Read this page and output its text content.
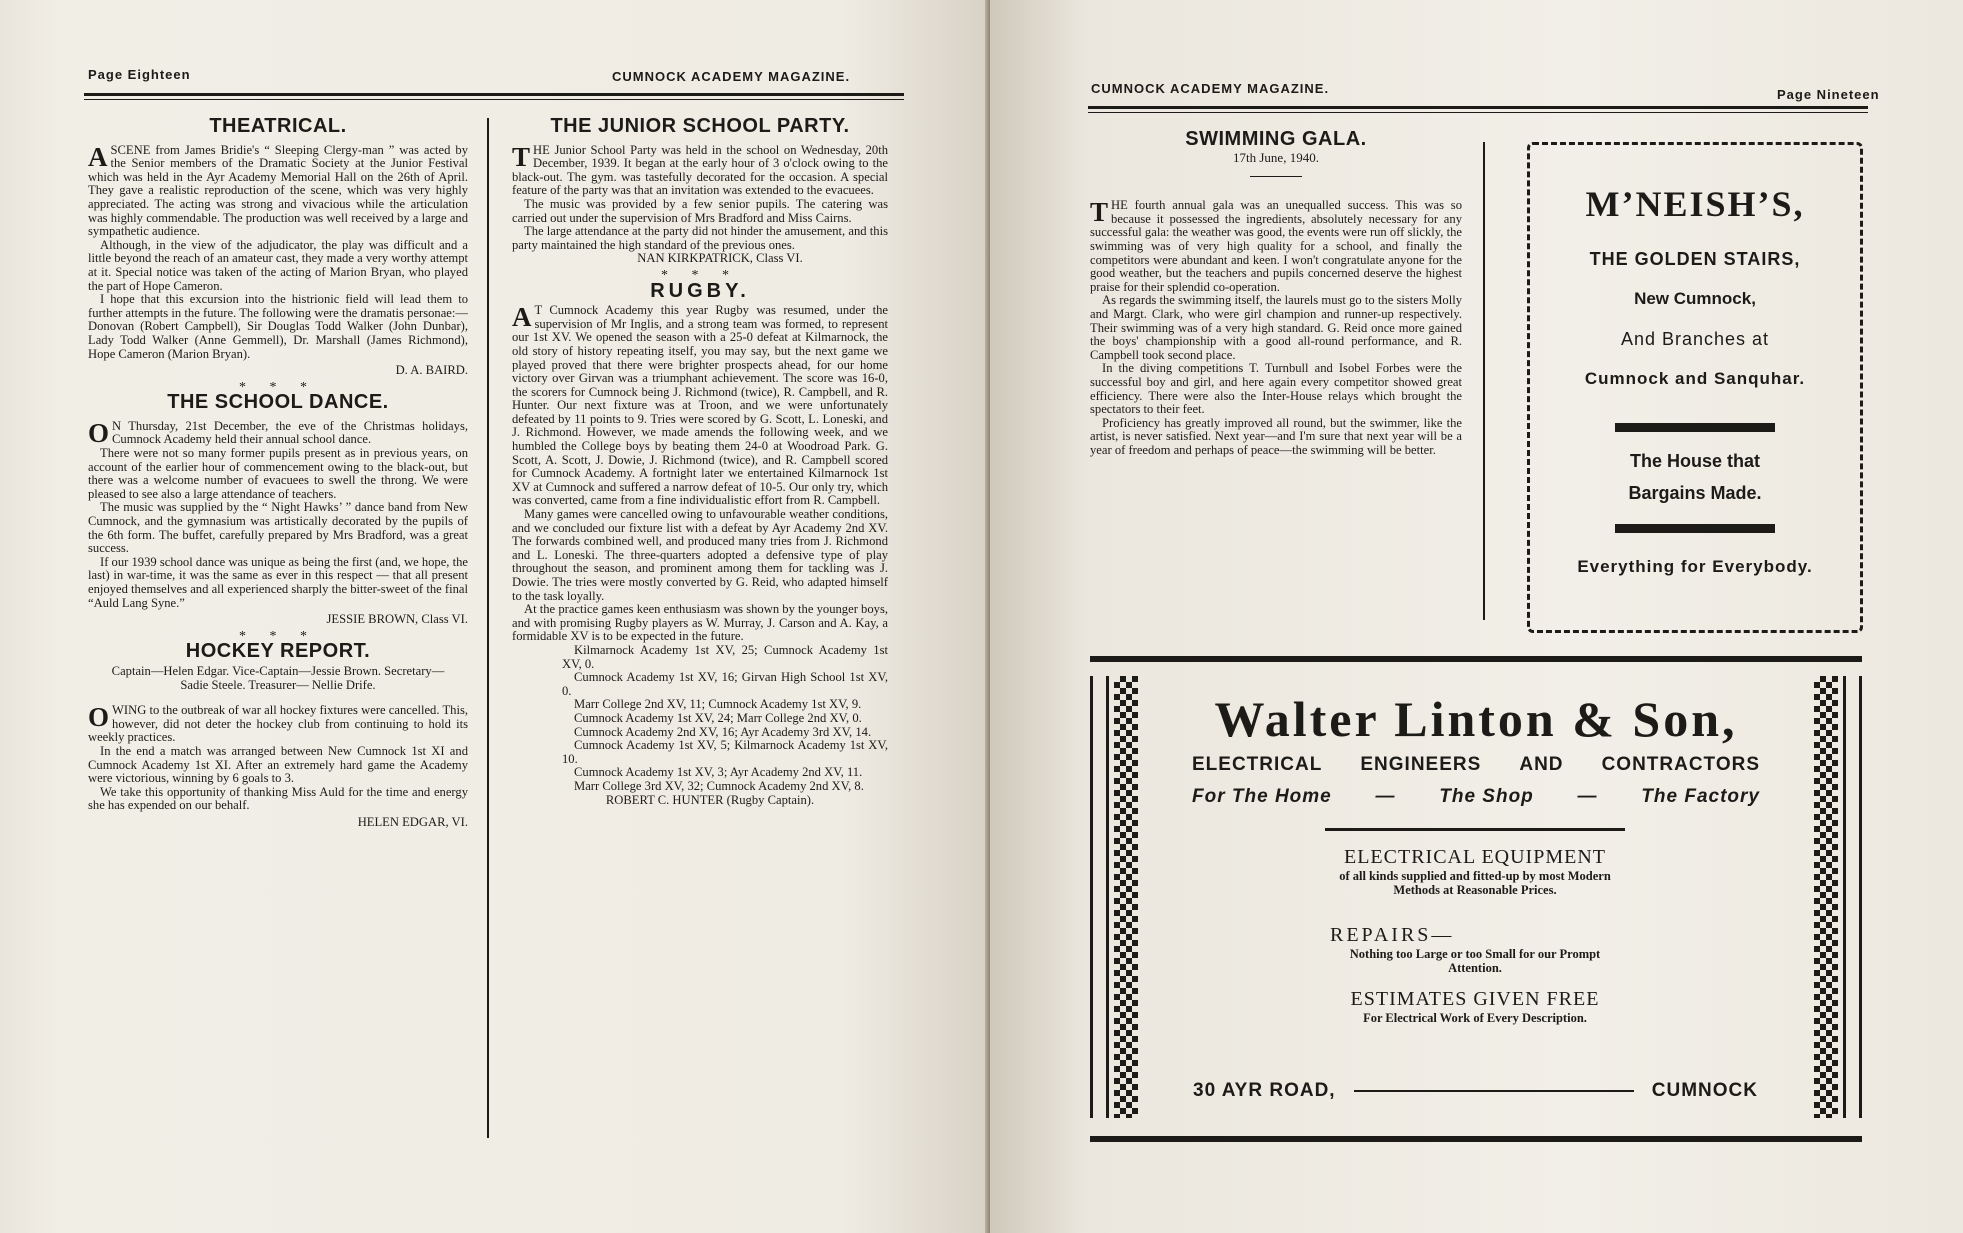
Page Eighteen	CUMNOCK ACADEMY MAGAZINE.
THEATRICAL.

ASCENE from James Bridie's “ Sleeping Clergy-man ” was acted by the Senior members of the Dramatic Society at the Junior Festival which was held in the Ayr Academy Memorial Hall on the 26th of April. They gave a realistic reproduction of the scene, which was very highly appreciated. The acting was strong and vivacious while the articulation was highly commendable. The production was well received by a large and sympathetic audience.

Although, in the view of the adjudicator, the play was difficult and a little beyond the reach of an amateur cast, they made a very worthy attempt at it. Special notice was taken of the acting of Marion Bryan, who played the part of Hope Cameron.

I hope that this excursion into the histrionic field will lead them to further attempts in the future. The following were the dramatis personae:— Donovan (Robert Campbell), Sir Douglas Todd Walker (John Dunbar), Lady Todd Walker (Anne Gemmell), Dr. Marshall (James Richmond), Hope Cameron (Marion Bryan).

D. A. BAIRD.
* * *
THE SCHOOL DANCE.

O N Thursday, 21st December, the eve of the Christmas holidays, Cumnock Academy held their annual school dance.

There were not so many former pupils present as in previous years, on account of the earlier hour of commencement owing to the black-out, but there was a welcome number of evacuees to swell the throng. We were pleased to see also a large attendance of teachers.

The music was supplied by the “ Night Hawks’ ” dance band from New Cumnock, and the gymnasium was artistically decorated by the pupils of the 6th form. The buffet, carefully prepared by Mrs Bradford, was a great success.

If our 1939 school dance was unique as being the first (and, we hope, the last) in war-time, it was the same as ever in this respect — that all present enjoyed themselves and all experienced sharply the bitter-sweet of the final “Auld Lang Syne.”

JESSIE BROWN, Class VI.
* * *
HOCKEY REPORT.
Captain—Helen Edgar. Vice-Captain—Jessie Brown. Secretary—Sadie Steele. Treasurer— Nellie Drife.

OWING to the outbreak of war all hockey fixtures were cancelled. This, however, did not deter the hockey club from continuing to hold its weekly practices.

In the end a match was arranged between New Cumnock 1st XI and Cumnock Academy 1st XI. After an extremely hard game the Academy were victorious, winning by 6 goals to 3.

We take this opportunity of thanking Miss Auld for the time and energy she has expended on our behalf.

HELEN EDGAR, VI.
THE JUNIOR SCHOOL PARTY.

THE Junior School Party was held in the school on Wednesday, 20th December, 1939. It began at the early hour of 3 o'clock owing to the black-out. The gym. was tastefully decorated for the occasion. A special feature of the party was that an invitation was extended to the evacuees.

The music was provided by a few senior pupils. The catering was carried out under the supervision of Mrs Bradford and Miss Cairns.

The large attendance at the party did not hinder the amusement, and this party maintained the high standard of the previous ones.

NAN KIRKPATRICK, Class VI.
* * *
RUGBY.

A T Cumnock Academy this year Rugby was resumed, under the supervision of Mr Inglis, and a strong team was formed, to represent our 1st XV. We opened the season with a 25-0 defeat at Kilmarnock, the old story of history repeating itself, you may say, but the next game we played proved that there were brighter prospects ahead, for our home victory over Girvan was a triumphant achievement. The score was 16-0, the scorers for Cumnock being J. Richmond (twice), R. Campbell, and R. Hunter. Our next fixture was at Troon, and we were unfortunately defeated by 11 points to 9. Tries were scored by G. Scott, L. Loneski, and J. Richmond. However, we made amends the following week, and we humbled the College boys by beating them 24-0 at Woodroad Park. G. Scott, A. Scott, J. Dowie, J. Richmond (twice), and R. Campbell scored for Cumnock Academy. A fortnight later we entertained Kilmarnock 1st XV at Cumnock and suffered a narrow defeat of 10-5. Our only try, which was converted, came from a fine individualistic effort from R. Campbell.

Many games were cancelled owing to unfavourable weather conditions, and we concluded our fixture list with a defeat by Ayr Academy 2nd XV. The forwards combined well, and produced many tries from J. Richmond and L. Loneski. The three-quarters adopted a defensive type of play throughout the season, and prominent among them for tackling was J. Dowie. The tries were mostly converted by G. Reid, who adapted himself to the task loyally.

At the practice games keen enthusiasm was shown by the younger boys, and with promising Rugby players as W. Murray, J. Carson and A. Kay, a formidable XV is to be expected in the future.

Kilmarnock Academy 1st XV, 25; Cumnock Academy 1st XV, 0.

Cumnock Academy 1st XV, 16; Girvan High School 1st XV, 0.

Marr College 2nd XV, 11; Cumnock Academy 1st XV, 9.

Cumnock Academy 1st XV, 24; Marr College 2nd XV, 0.

Cumnock Academy 2nd XV, 16; Ayr Academy 3rd XV, 14.

Cumnock Academy 1st XV, 5; Kilmarnock Academy 1st XV, 10.

Cumnock Academy 1st XV, 3; Ayr Academy 2nd XV, 11.

Marr College 3rd XV, 32; Cumnock Academy 2nd XV, 8.

ROBERT C. HUNTER (Rugby Captain).
CUMNOCK ACADEMY MAGAZINE.	Page Nineteen
SWIMMING GALA.
17th June, 1940.

THE fourth annual gala was an unequalled success. This was so because it possessed the ingredients, absolutely necessary for any successful gala: the weather was good, the events were run off slickly, the swimming was of very high quality for a school, and finally the competitors were abundant and keen. I won't congratulate anyone for the good weather, but the teachers and pupils concerned deserve the highest praise for their splendid co-operation.

As regards the swimming itself, the laurels must go to the sisters Molly and Margt. Clark, who were girl champion and runner-up respectively. Their swimming was of a very high standard. G. Reid once more gained the boys' championship with a good all-round performance, and R. Campbell took second place.

In the diving competitions T. Turnbull and Isobel Forbes were the successful boy and girl, and here again every competitor showed great efficiency. There were also the Inter-House relays which brought the spectators to their feet.

Proficiency has greatly improved all round, but the swimmer, like the artist, is never satisfied. Next year—and I'm sure that next year will be a year of freedom and perhaps of peace—the swimming will be better.

M’NEISH’S,
THE GOLDEN STAIRS,
New Cumnock,
And Branches at
Cumnock and Sanquhar.
The House that
Bargains Made.
Everything for Everybody.
Walter Linton & Son,
ELECTRICAL ENGINEERS AND CONTRACTORS
For The Home — The Shop — The Factory
ELECTRICAL EQUIPMENT
of all kinds supplied and fitted-up by most Modern Methods at Reasonable Prices.
REPAIRS—
Nothing too Large or too Small for our Prompt Attention.
ESTIMATES GIVEN FREE
For Electrical Work of Every Description.
30 AYR ROAD,	CUMNOCK
